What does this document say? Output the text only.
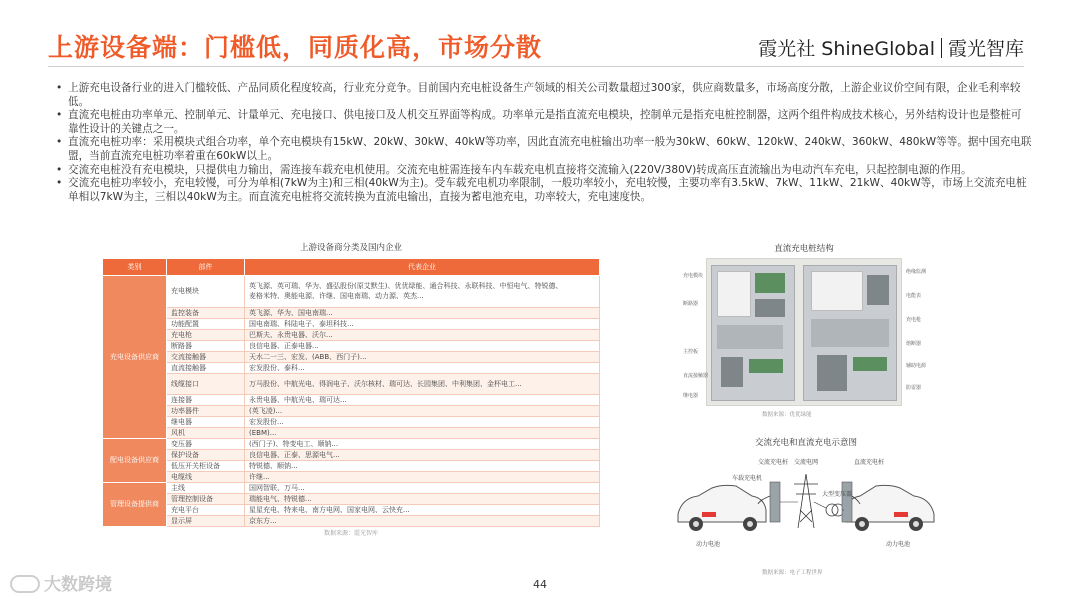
上游设备端：门槛低，同质化高，市场分散	霞光社 ShineGlobal 霞光智库
• 上游充电设备行业的进入门槛较低、产品同质化程度较高，行业充分竞争。目前国内充电桩设备生产领域的相关公司数量超过300家，供应商数量多，市场高度分散，上游企业议价空间有限，企业毛利率较低。
• 直流充电桩由功率单元、控制单元、计量单元、充电接口、供电接口及人机交互界面等构成。功率单元是指直流充电模块，控制单元是指充电桩控制器，这两个组件构成技术核心，另外结构设计也是整桩可靠性设计的关键点之一。
• 直流充电桩功率：采用模块式组合功率，单个充电模块有15kW、20kW、30kW、40kW等功率，因此直流充电桩输出功率一般为30kW、60kW、120kW、240kW、360kW、480kW等等。据中国充电联盟，当前直流充电桩功率着重在60kW以上。
• 交流充电桩没有充电模块，只提供电力输出，需连接车载充电机使用。交流充电桩需连接车内车载充电机直接将交流输入(220V/380V)转成高压直流输出为电动汽车充电，只起控制电源的作用。
• 交流充电桩功率较小，充电较慢，可分为单相(7kW为主)和三相(40kW为主)。受车载充电机功率限制，一般功率较小，充电较慢，主要功率有3.5kW、7kW、11kW、21kW、40kW等，市场上交流充电桩单相以7kW为主，三相以40kW为主。而直流充电桩将交流转换为直流电输出，直接为蓄电池充电，功率较大，充电速度快。
上游设备商分类及国内企业
类别	部件	代表企业
充电设备供应商	充电模块	英飞源、英可瑞、华为、盛弘股份(原艾默生)、优优绿能、通合科技、永联科技、中恒电气、特锐德、
麦格米特、奥能电源、许继、国电南瑞、动力源、英杰...

	监控装备	英飞源、华为、国电南瑞...

	功能配置	国电南瑞、科陆电子、泰坦科技...

	充电枪	巴斯夫、永贵电器、沃尔...

	断路器	良信电器、正泰电器...

	交流接触器	天水二一三、宏发、(ABB、西门子)...

	直流接触器	宏发股份、泰科...

	线缆接口	万马股份、中航光电、得润电子、沃尔核材、瑞可达、长园集团、中利集团、金杯电工...

	连接器	永贵电器、中航光电、瑞可达...

	功率器件	(英飞凌)...

	继电器	宏发股份...

	风机	(EBM)...

配电设备供应商	变压器	(西门子)、特变电工、顺钠...

	保护设备	良信电器、正泰、思源电气...

	低压开关柜设备	特锐德、顺钠...

	电缆线	许继...

管理设备提供商	主线	国网智联、万马...

	管理控制设备	瑞能电气、特锐德...

	充电平台	星星充电、特来电、南方电网、国家电网、云快充...

	显示屏	京东方...
数据来源：霞光智库
直流充电桩结构
充电模块
断路器
主控板
直流接触器
继电器
绝缘监测
电能表
充电枪
熔断器
辅助电源
防雷器
数据来源：优优绿能
交流充电和直流充电示意图
交流充电桩 交流电网	直流充电桩
车载充电机
大型变压器
动力电池	动力电池
数据来源：电子工程世界
44
大数跨境
